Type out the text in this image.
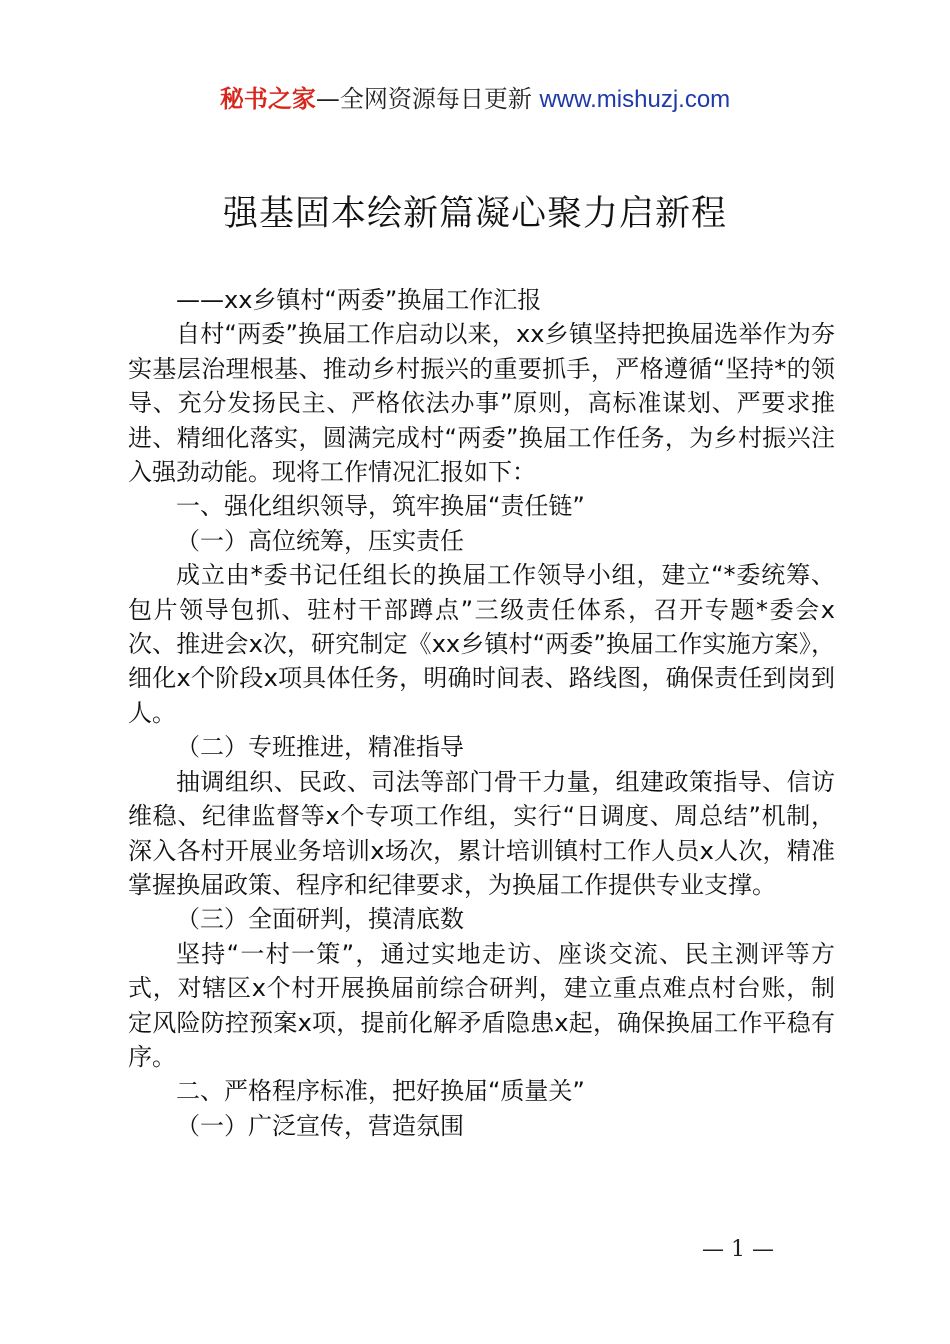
秘书之家—全网资源每日更新 www.mishuzj.com
强基固本绘新篇凝心聚力启新程

——xx乡镇村“两委”换届工作汇报

自村“两委”换届工作启动以来，xx乡镇坚持把换届选举作为夯实基层治理根基、推动乡村振兴的重要抓手，严格遵循“坚持*的领导、充分发扬民主、严格依法办事”原则，高标准谋划、严要求推进、精细化落实，圆满完成村“两委”换届工作任务，为乡村振兴注入强劲动能。现将工作情况汇报如下：

一、强化组织领导，筑牢换届“责任链”

（一）高位统筹，压实责任

成立由*委书记任组长的换届工作领导小组，建立“*委统筹、包片领导包抓、驻村干部蹲点”三级责任体系，召开专题*委会x次、推进会x次，研究制定《xx乡镇村“两委”换届工作实施方案》，细化x个阶段x项具体任务，明确时间表、路线图，确保责任到岗到人。

（二）专班推进，精准指导

抽调组织、民政、司法等部门骨干力量，组建政策指导、信访维稳、纪律监督等x个专项工作组，实行“日调度、周总结”机制，深入各村开展业务培训x场次，累计培训镇村工作人员x人次，精准掌握换届政策、程序和纪律要求，为换届工作提供专业支撑。

（三）全面研判，摸清底数

坚持“一村一策”，通过实地走访、座谈交流、民主测评等方式，对辖区x个村开展换届前综合研判，建立重点难点村台账，制定风险防控预案x项，提前化解矛盾隐患x起，确保换届工作平稳有序。

二、严格程序标准，把好换届“质量关”

（一）广泛宣传，营造氛围

— 1 —
